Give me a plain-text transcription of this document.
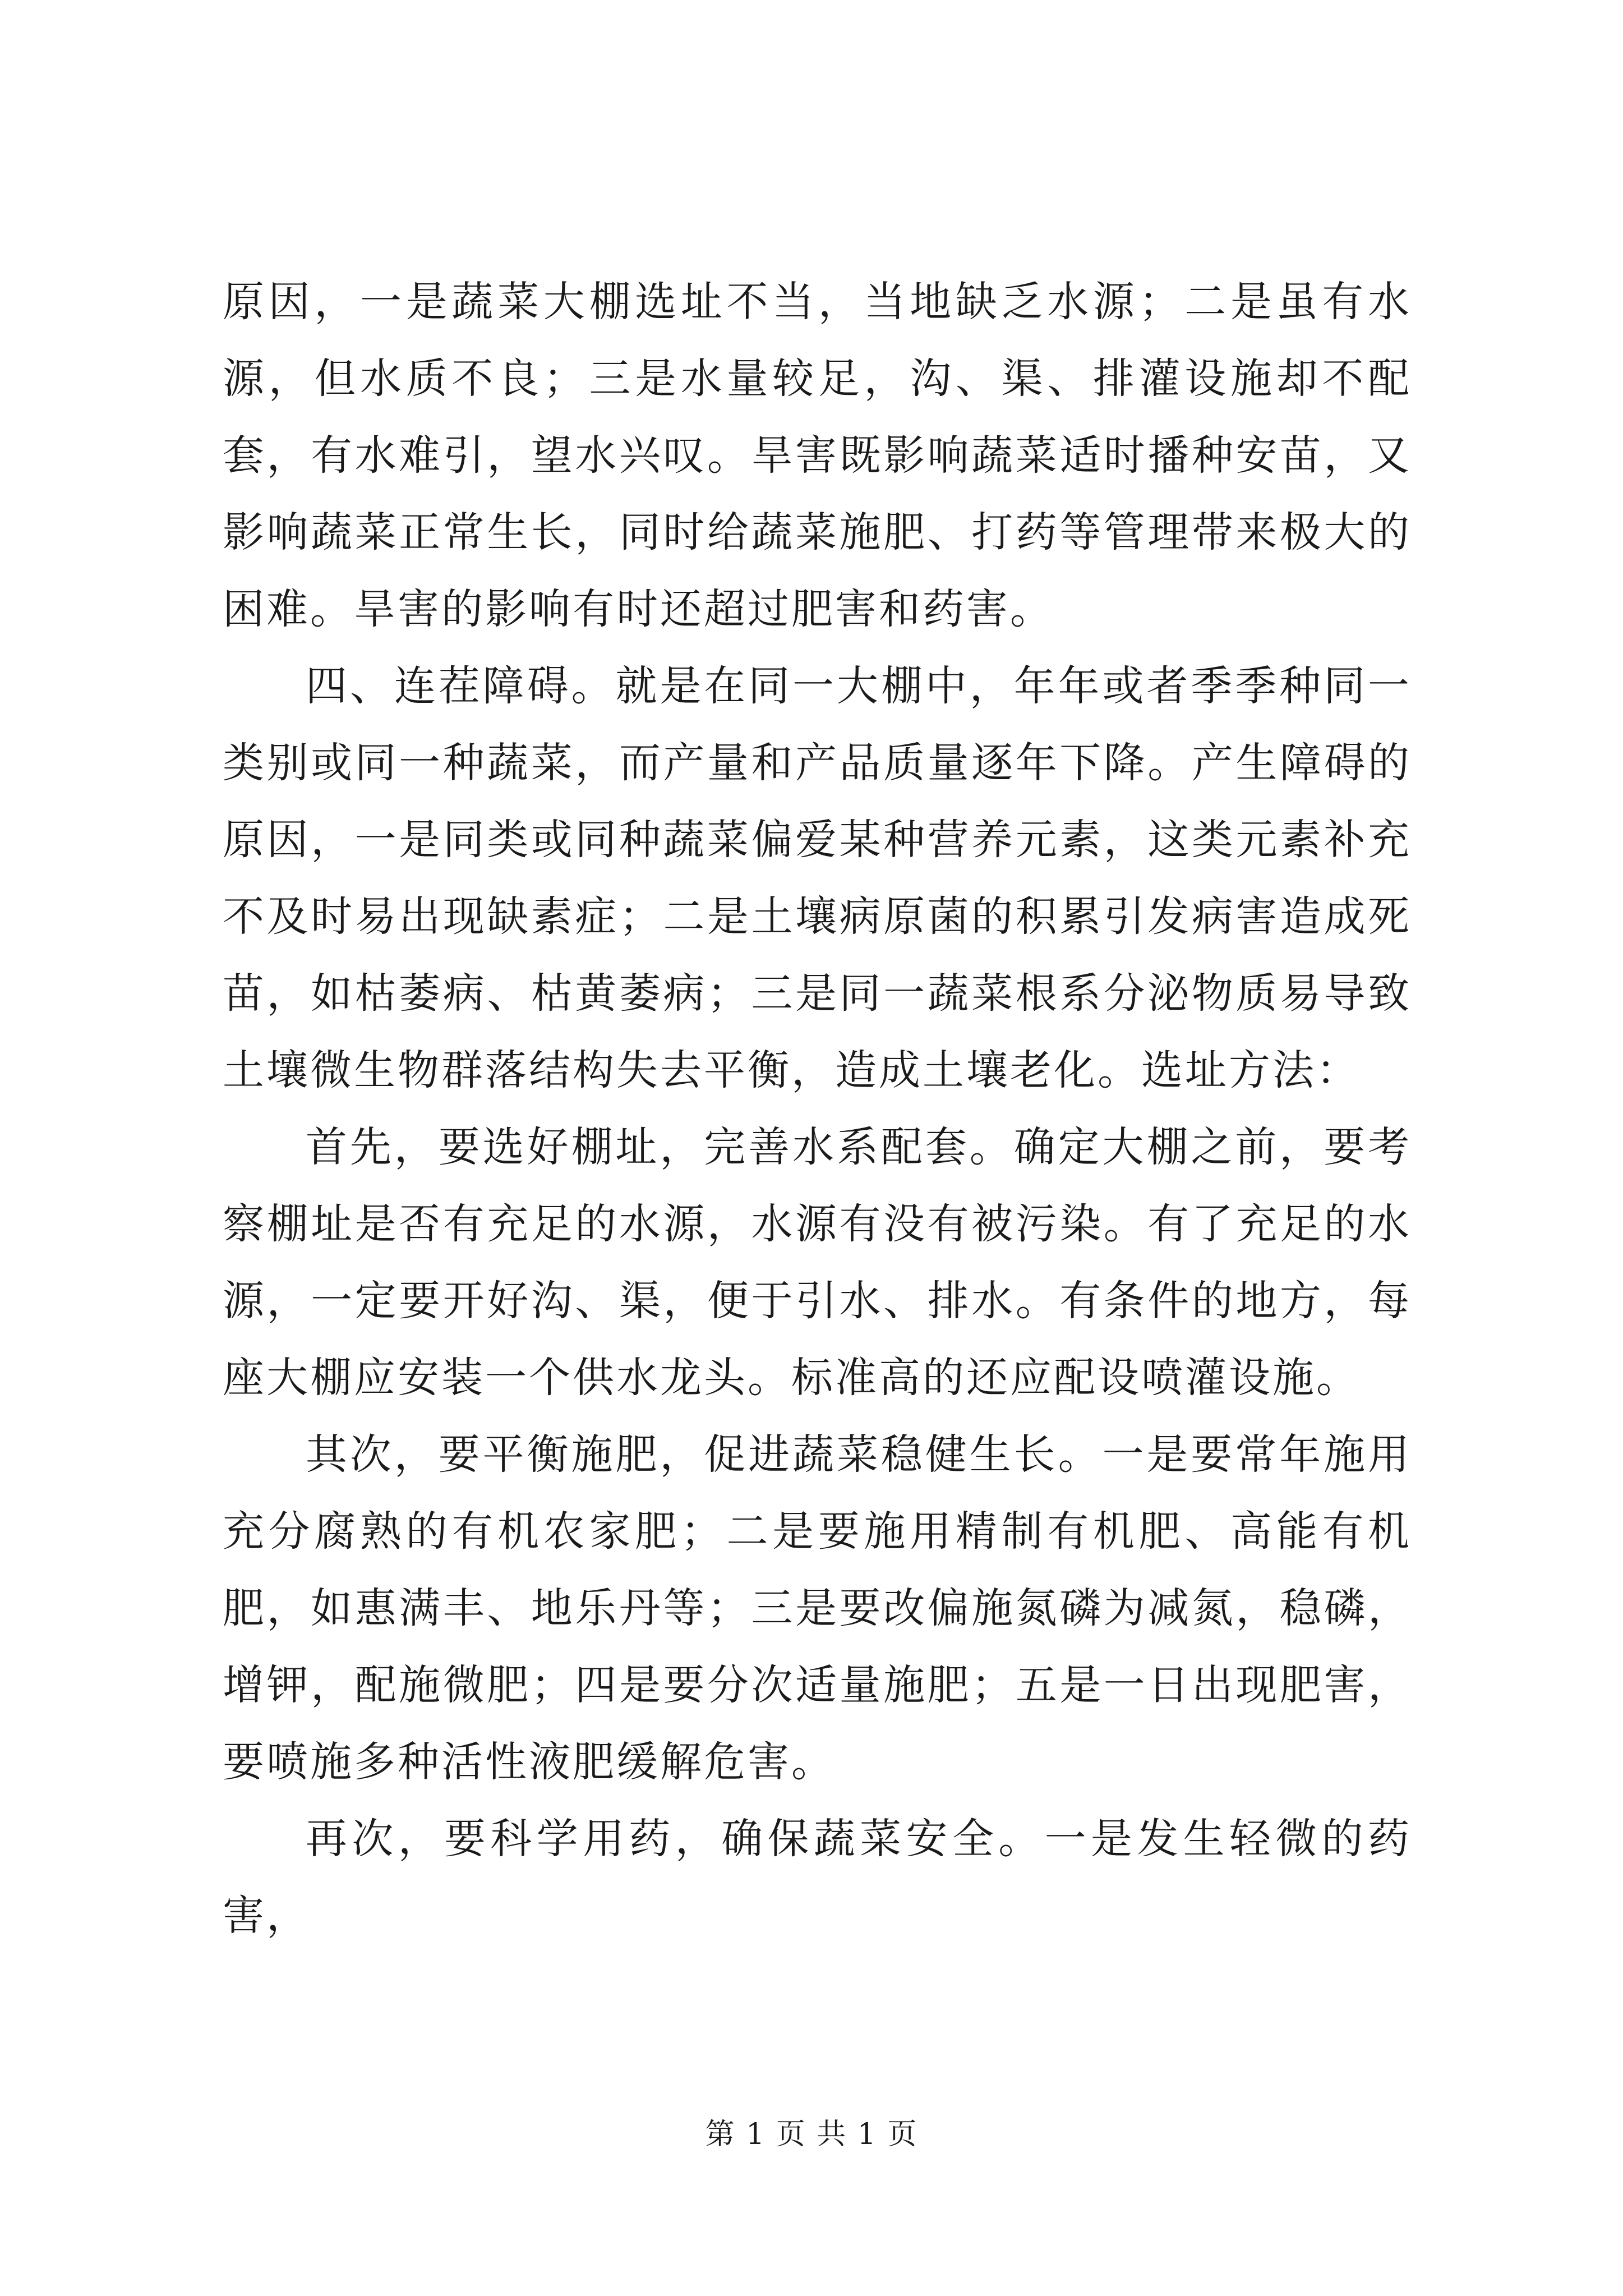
原因，一是蔬菜大棚选址不当，当地缺乏水源；二是虽有水源，但水质不良；三是水量较足，沟、渠、排灌设施却不配套，有水难引，望水兴叹。旱害既影响蔬菜适时播种安苗，又影响蔬菜正常生长，同时给蔬菜施肥、打药等管理带来极大的困难。旱害的影响有时还超过肥害和药害。

四、连茬障碍。就是在同一大棚中，年年或者季季种同一类别或同一种蔬菜，而产量和产品质量逐年下降。产生障碍的原因，一是同类或同种蔬菜偏爱某种营养元素，这类元素补充不及时易出现缺素症；二是土壤病原菌的积累引发病害造成死苗，如枯萎病、枯黄萎病；三是同一蔬菜根系分泌物质易导致土壤微生物群落结构失去平衡，造成土壤老化。选址方法：

首先，要选好棚址，完善水系配套。确定大棚之前，要考察棚址是否有充足的水源，水源有没有被污染。有了充足的水源，一定要开好沟、渠，便于引水、排水。有条件的地方，每座大棚应安装一个供水龙头。标准高的还应配设喷灌设施。

其次，要平衡施肥，促进蔬菜稳健生长。一是要常年施用充分腐熟的有机农家肥；二是要施用精制有机肥、高能有机肥，如惠满丰、地乐丹等；三是要改偏施氮磷为减氮，稳磷，增钾，配施微肥；四是要分次适量施肥；五是一日出现肥害，要喷施多种活性液肥缓解危害。

再次，要科学用药，确保蔬菜安全。一是发生轻微的药害，

第 1 页 共 1 页
